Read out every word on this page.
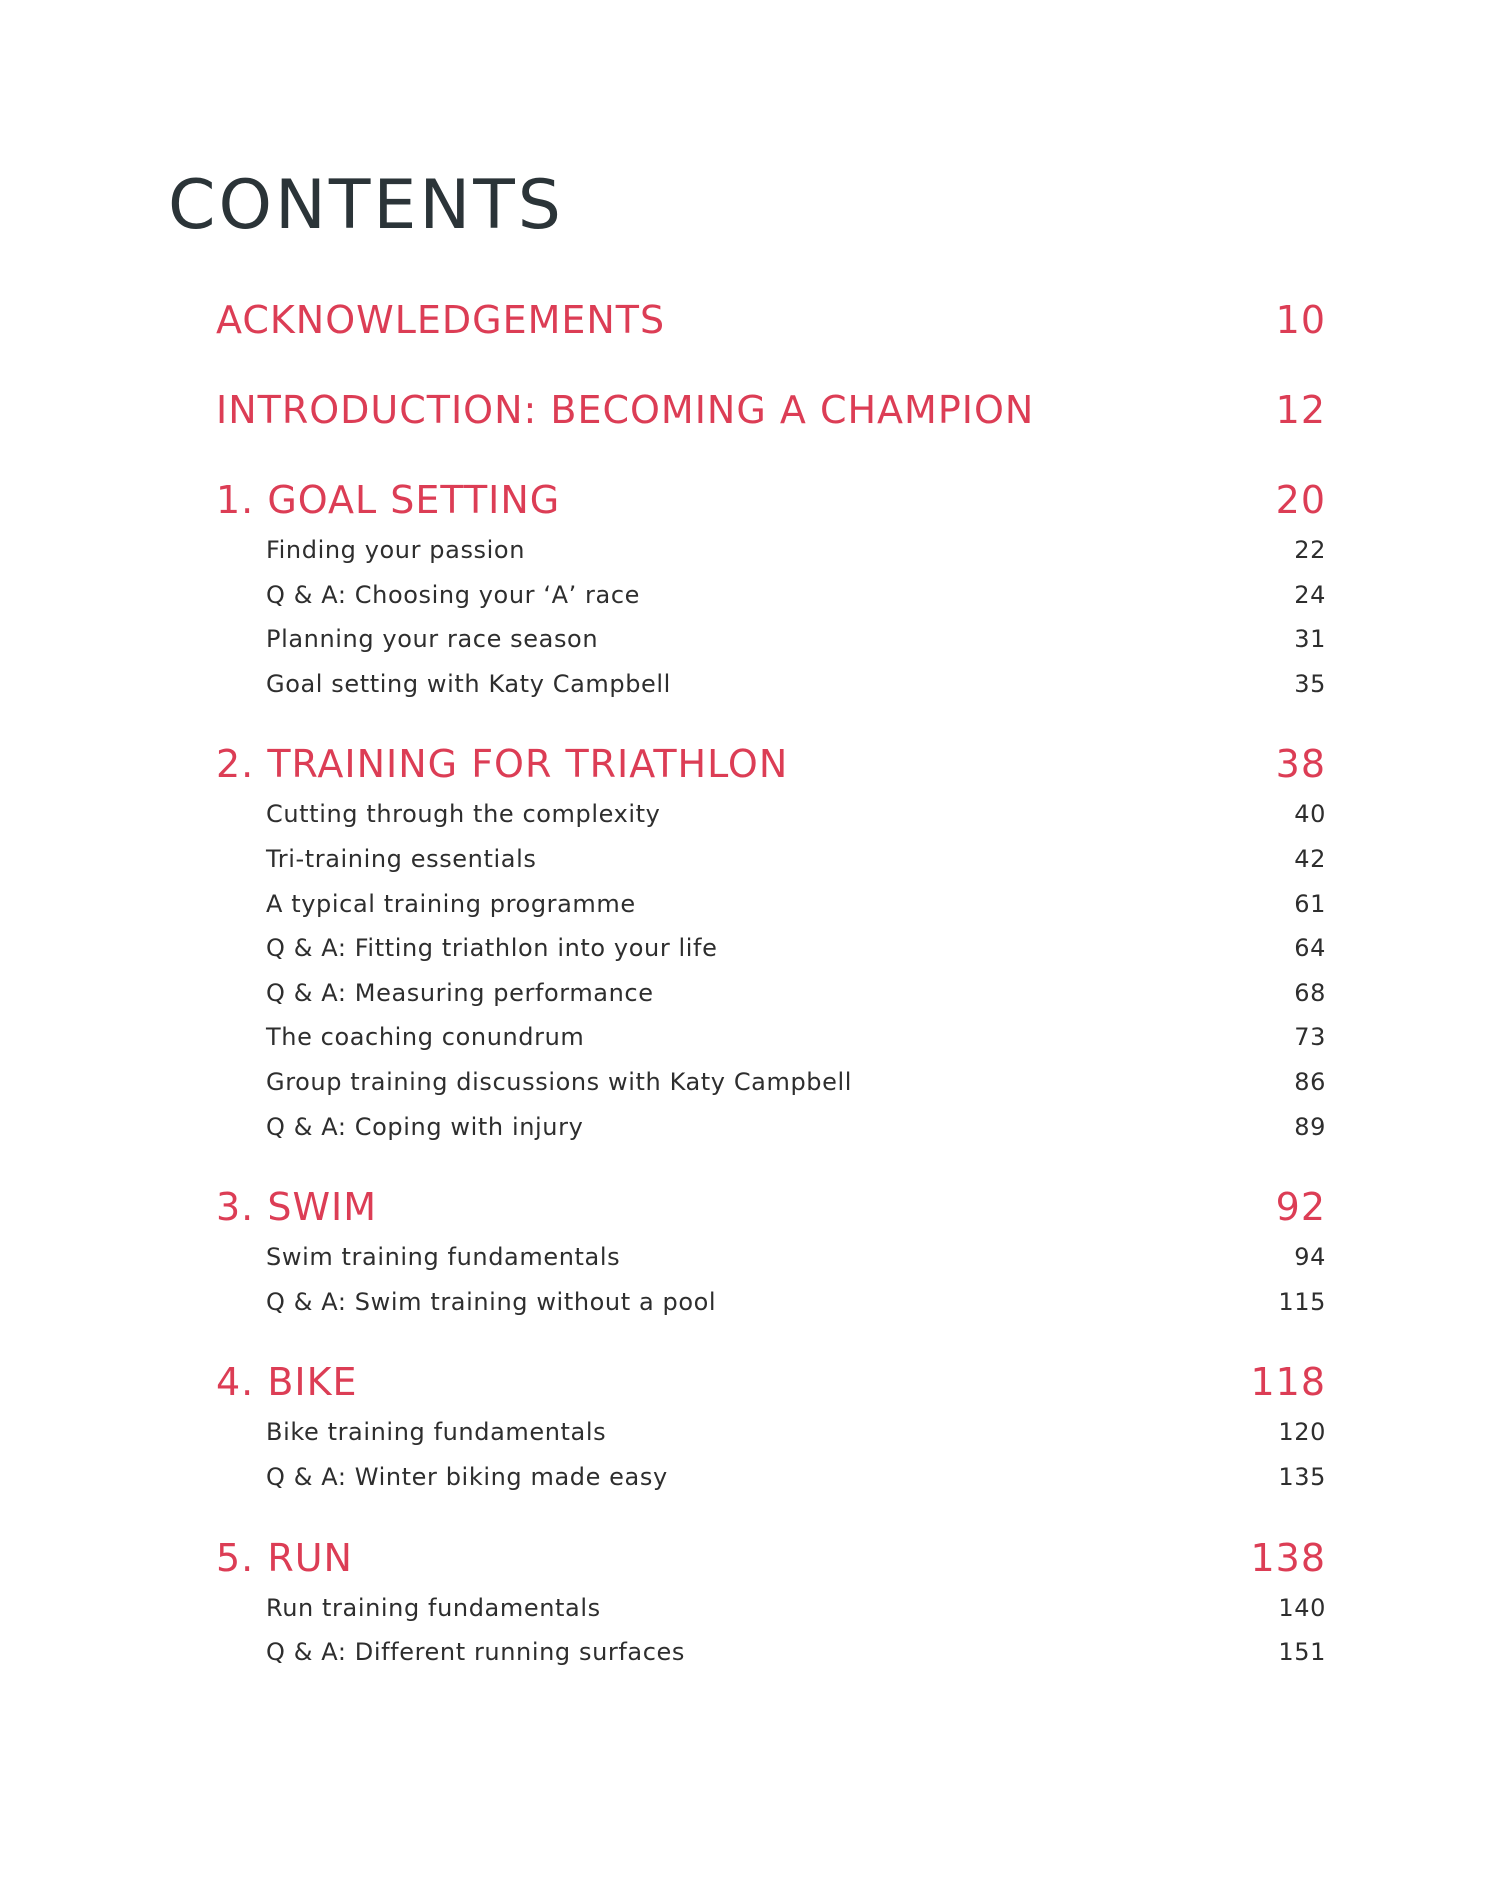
CONTENTS
ACKNOWLEDGEMENTS	10
INTRODUCTION: BECOMING A CHAMPION	12
1. GOAL SETTING	20
Finding your passion	22
Q & A: Choosing your ‘A’ race	24
Planning your race season	31
Goal setting with Katy Campbell	35
2. TRAINING FOR TRIATHLON	38
Cutting through the complexity	40
Tri-training essentials	42
A typical training programme	61
Q & A: Fitting triathlon into your life	64
Q & A: Measuring performance	68
The coaching conundrum	73
Group training discussions with Katy Campbell	86
Q & A: Coping with injury	89
3. SWIM	92
Swim training fundamentals	94
Q & A: Swim training without a pool	115
4. BIKE	118
Bike training fundamentals	120
Q & A: Winter biking made easy	135
5. RUN	138
Run training fundamentals	140
Q & A: Different running surfaces	151
